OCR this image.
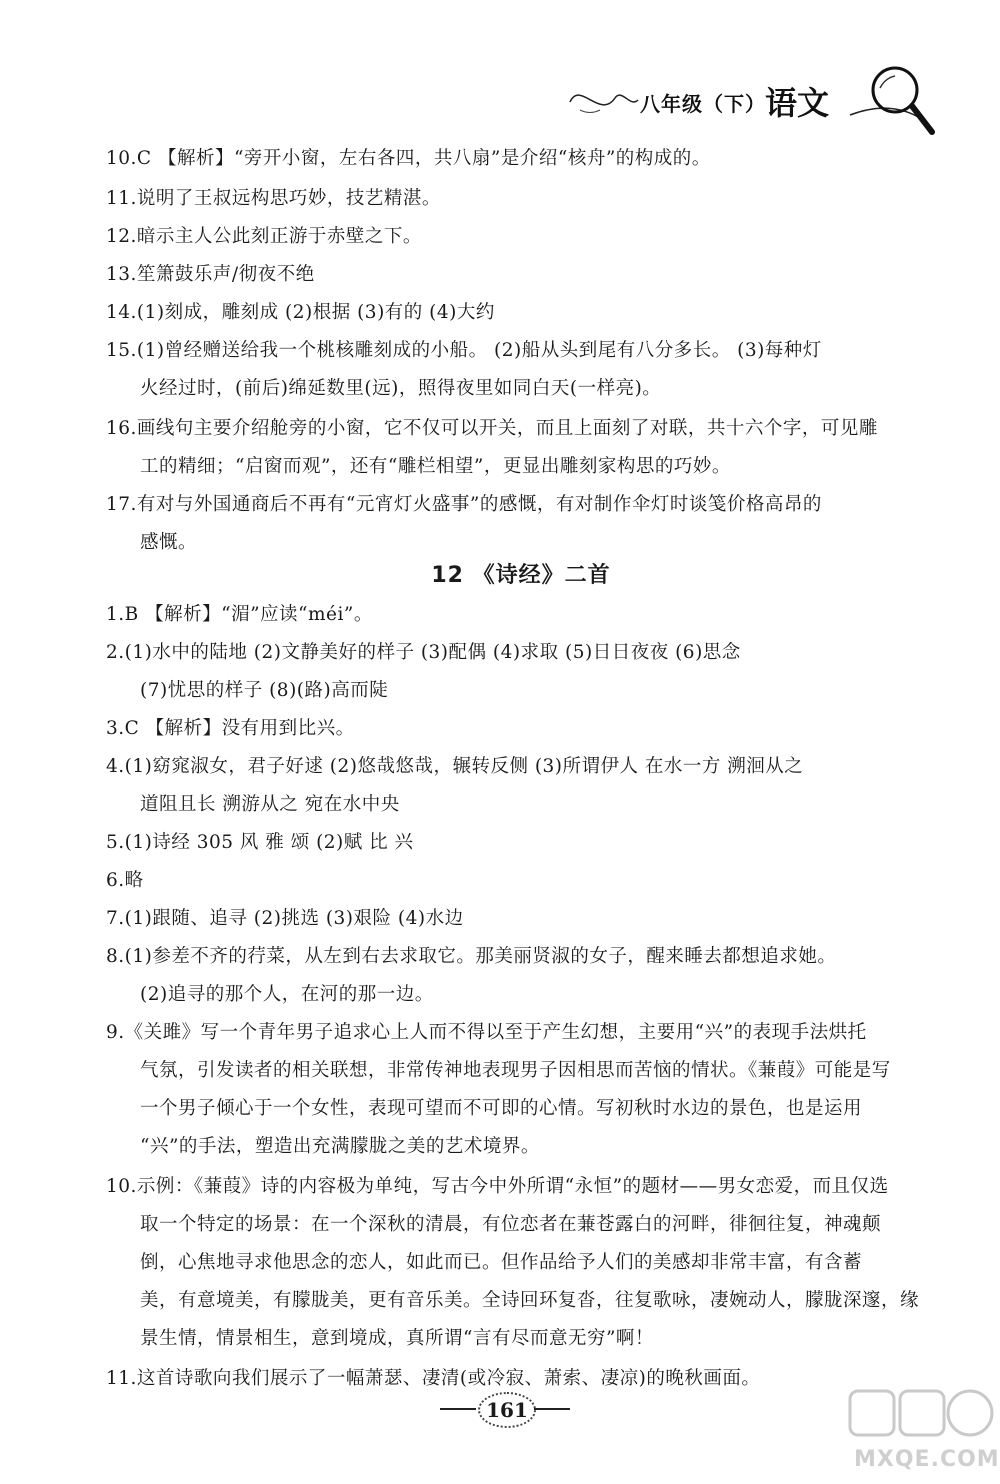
八年级（下） 语文
10.C 【解析】“旁开小窗，左右各四，共八扇”是介绍“核舟”的构成的。
11.说明了王叔远构思巧妙，技艺精湛。
12.暗示主人公此刻正游于赤壁之下。
13.笙箫鼓乐声/彻夜不绝
14.(1)刻成，雕刻成 (2)根据 (3)有的 (4)大约
15.(1)曾经赠送给我一个桃核雕刻成的小船。 (2)船从头到尾有八分多长。 (3)每种灯
火经过时，(前后)绵延数里(远)，照得夜里如同白天(一样亮)。
16.画线句主要介绍舱旁的小窗，它不仅可以开关，而且上面刻了对联，共十六个字，可见雕
工的精细；“启窗而观”，还有“雕栏相望”，更显出雕刻家构思的巧妙。
17.有对与外国通商后不再有“元宵灯火盛事”的感慨，有对制作伞灯时谈笺价格高昂的
感慨。
12 《诗经》二首
1.B 【解析】“湄”应读“méi”。
2.(1)水中的陆地 (2)文静美好的样子 (3)配偶 (4)求取 (5)日日夜夜 (6)思念
(7)忧思的样子 (8)(路)高而陡
3.C 【解析】没有用到比兴。
4.(1)窈窕淑女，君子好逑 (2)悠哉悠哉，辗转反侧 (3)所谓伊人 在水一方 溯洄从之
道阻且长 溯游从之 宛在水中央
5.(1)诗经 305 风 雅 颂 (2)赋 比 兴
6.略
7.(1)跟随、追寻 (2)挑选 (3)艰险 (4)水边
8.(1)参差不齐的荇菜，从左到右去求取它。那美丽贤淑的女子，醒来睡去都想追求她。
(2)追寻的那个人，在河的那一边。
9.《关雎》写一个青年男子追求心上人而不得以至于产生幻想，主要用“兴”的表现手法烘托
气氛，引发读者的相关联想，非常传神地表现男子因相思而苦恼的情状。《蒹葭》可能是写
一个男子倾心于一个女性，表现可望而不可即的心情。写初秋时水边的景色，也是运用
“兴”的手法，塑造出充满朦胧之美的艺术境界。
10.示例：《蒹葭》诗的内容极为单纯，写古今中外所谓“永恒”的题材——男女恋爱，而且仅选
取一个特定的场景：在一个深秋的清晨，有位恋者在蒹苍露白的河畔，徘徊往复，神魂颠
倒，心焦地寻求他思念的恋人，如此而已。但作品给予人们的美感却非常丰富，有含蓄
美，有意境美，有朦胧美，更有音乐美。全诗回环复沓，往复歌咏，凄婉动人，朦胧深邃，缘
景生情，情景相生，意到境成，真所谓“言有尽而意无穷”啊！
11.这首诗歌向我们展示了一幅萧瑟、凄清(或冷寂、萧索、凄凉)的晚秋画面。
161
MXQE.COM
